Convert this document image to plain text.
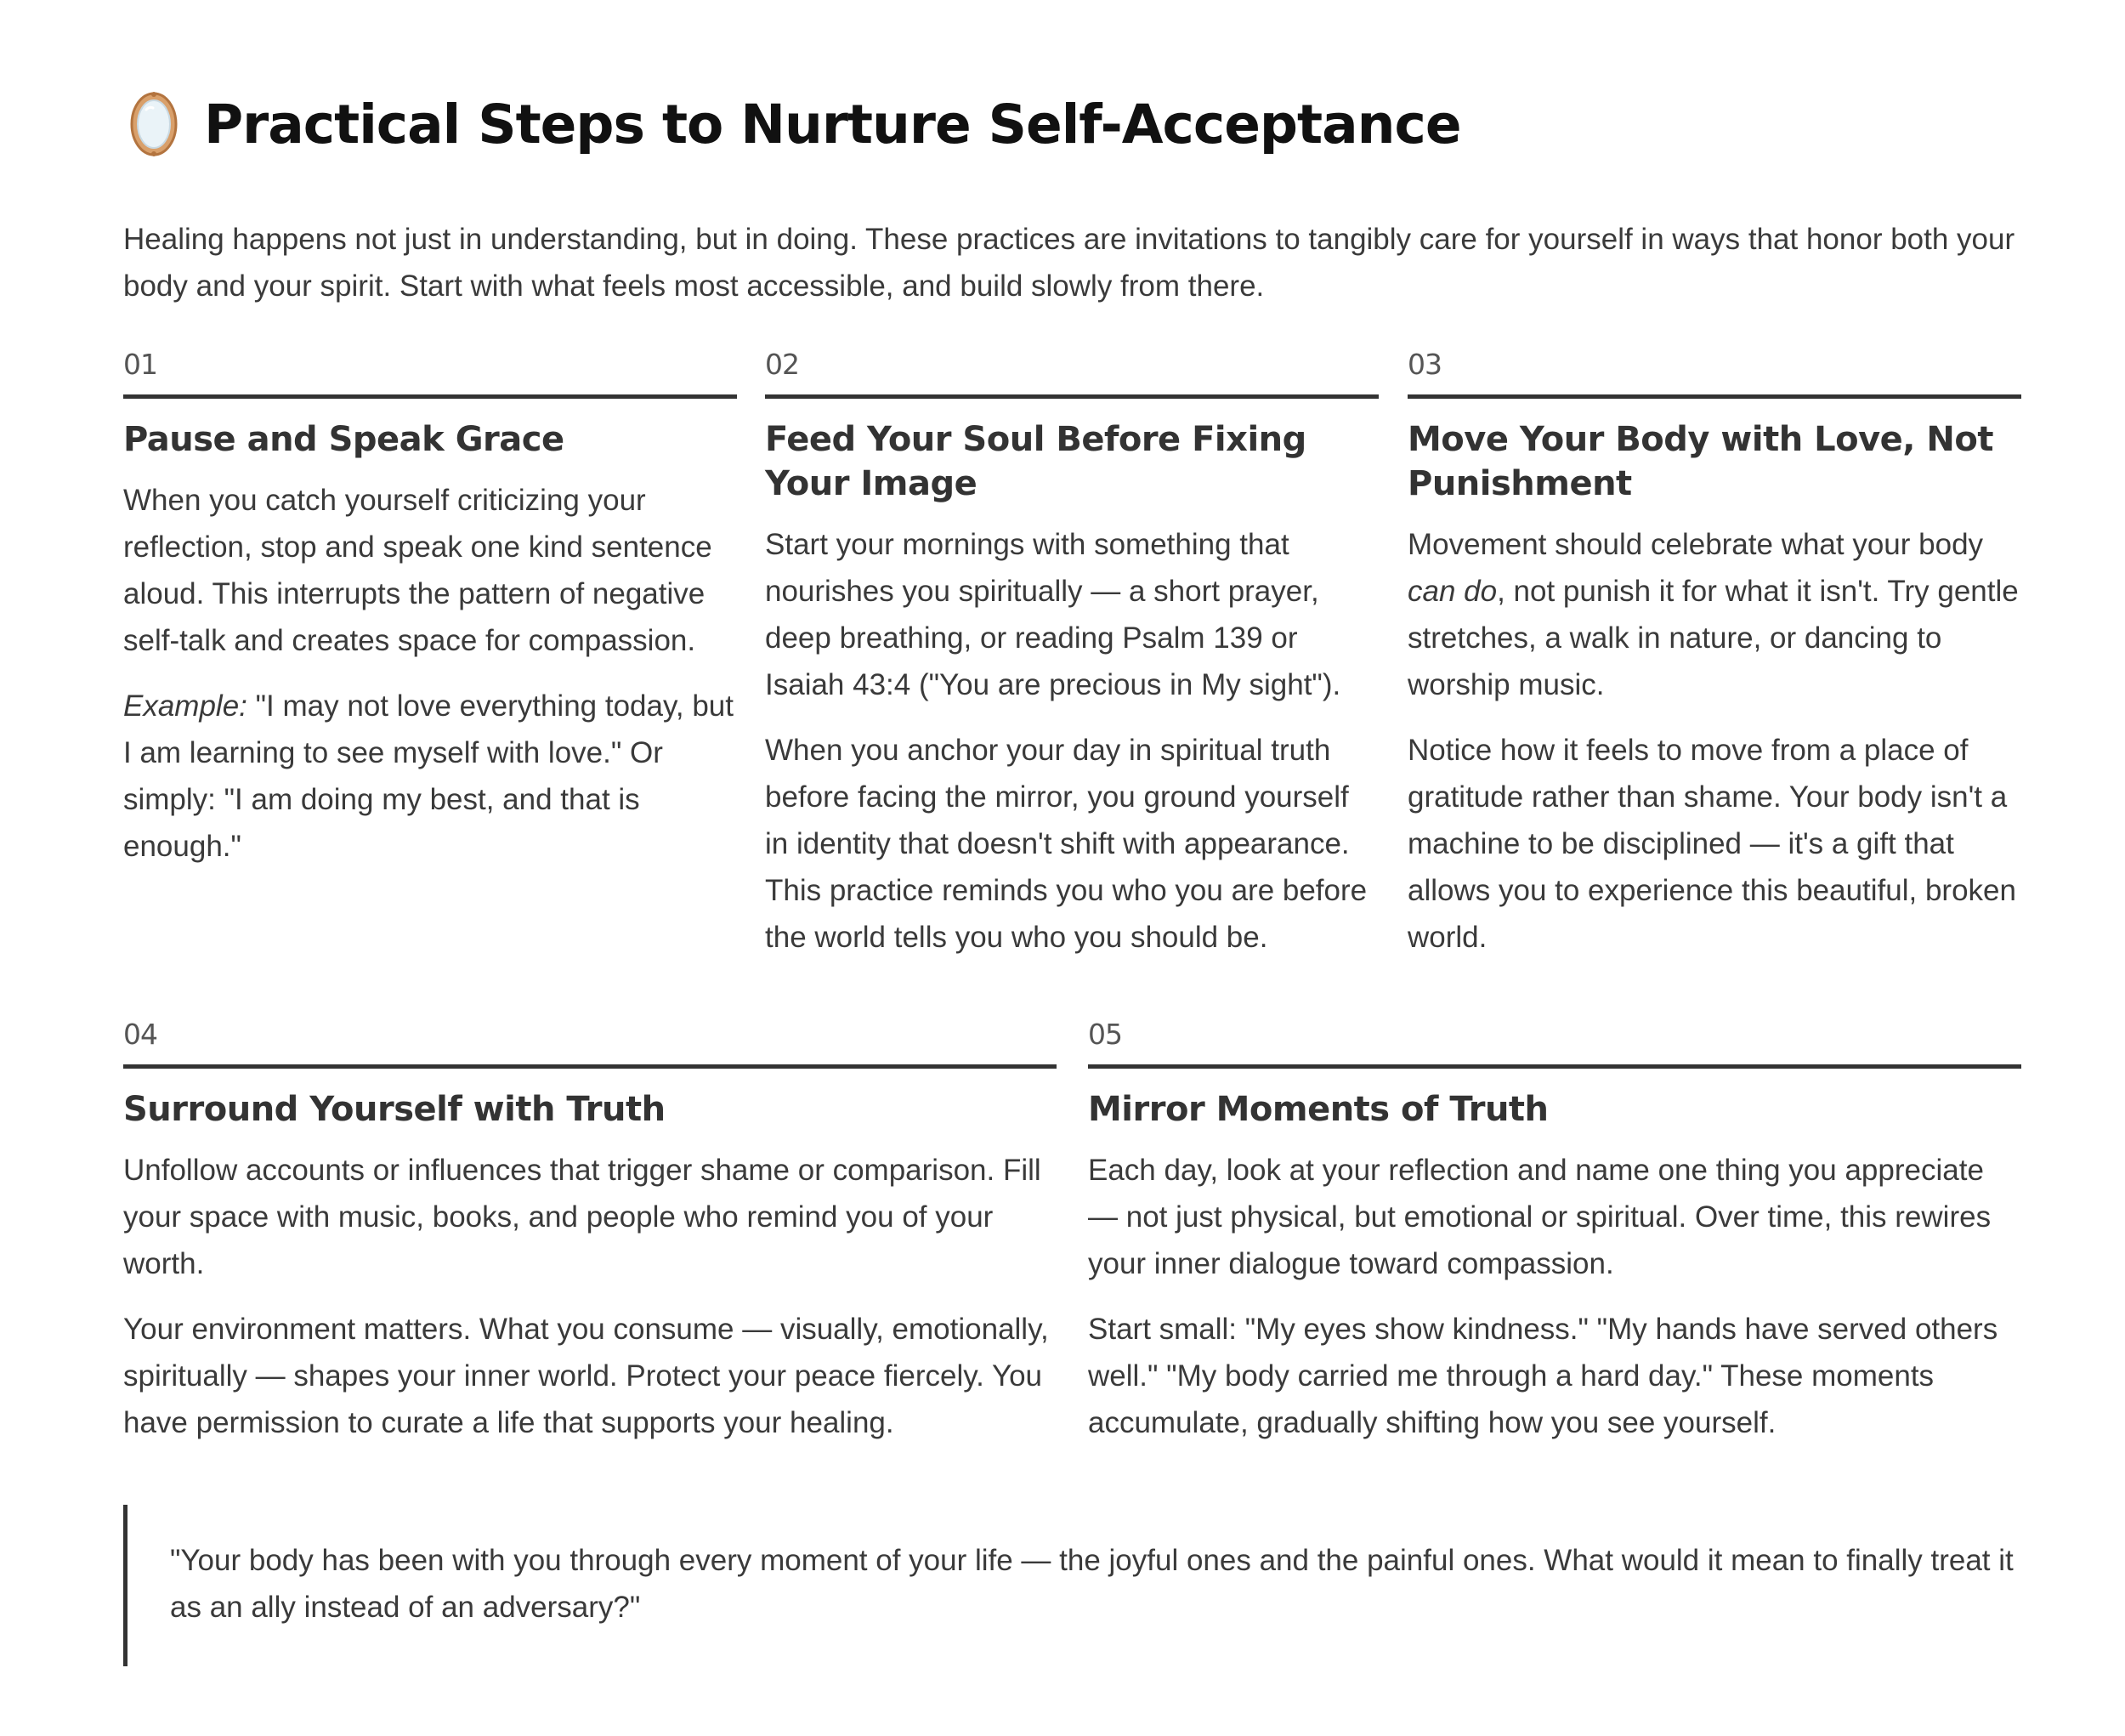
Practical Steps to Nurture Self-Acceptance
Healing happens not just in understanding, but in doing. These practices are invitations to tangibly care for yourself in ways that honor both your body and your spirit. Start with what feels most accessible, and build slowly from there.
01
Pause and Speak Grace

When you catch yourself criticizing your reflection, stop and speak one kind sentence aloud. This interrupts the pattern of negative self-talk and creates space for compassion.

Example: "I may not love everything today, but I am learning to see myself with love." Or simply: "I am doing my best, and that is enough."

02
Feed Your Soul Before Fixing Your Image

Start your mornings with something that nourishes you spiritually — a short prayer, deep breathing, or reading Psalm 139 or Isaiah 43:4 ("You are precious in My sight").

When you anchor your day in spiritual truth before facing the mirror, you ground yourself in identity that doesn't shift with appearance. This practice reminds you who you are before the world tells you who you should be.

03
Move Your Body with Love, Not Punishment

Movement should celebrate what your body can do, not punish it for what it isn't. Try gentle stretches, a walk in nature, or dancing to worship music.

Notice how it feels to move from a place of gratitude rather than shame. Your body isn't a machine to be disciplined — it's a gift that allows you to experience this beautiful, broken world.

04
Surround Yourself with Truth

Unfollow accounts or influences that trigger shame or comparison. Fill your space with music, books, and people who remind you of your worth.

Your environment matters. What you consume — visually, emotionally, spiritually — shapes your inner world. Protect your peace fiercely. You have permission to curate a life that supports your healing.

05
Mirror Moments of Truth

Each day, look at your reflection and name one thing you appreciate — not just physical, but emotional or spiritual. Over time, this rewires your inner dialogue toward compassion.

Start small: "My eyes show kindness." "My hands have served others well." "My body carried me through a hard day." These moments accumulate, gradually shifting how you see yourself.

"Your body has been with you through every moment of your life — the joyful ones and the painful ones. What would it mean to finally treat it as an ally instead of an adversary?"
